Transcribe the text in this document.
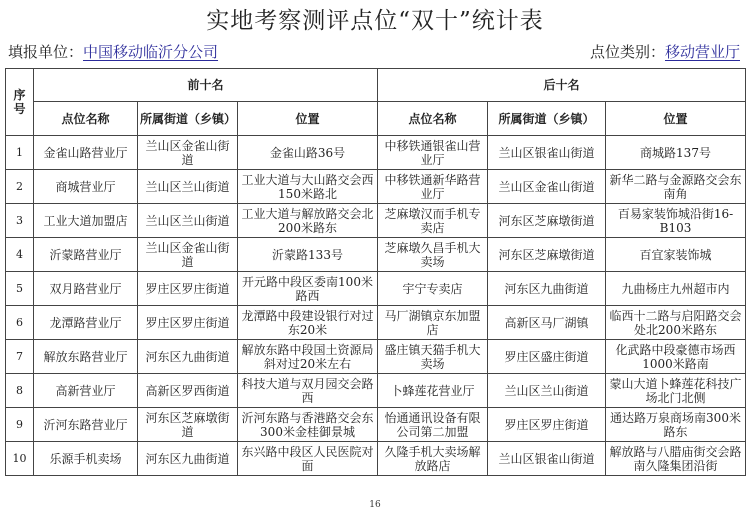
实地考察测评点位“双十”统计表
填报单位：中国移动临沂分公司	点位类别：移动营业厅
序号	前十名			后十名		
	点位名称	所属街道（乡镇）	位置	点位名称	所属街道（乡镇）	位置
1	金雀山路营业厅	兰山区金雀山街道	金雀山路36号	中移铁通银雀山营业厅	兰山区银雀山街道	商城路137号
2	商城营业厅	兰山区兰山街道	工业大道与大山路交会西150米路北	中移铁通新华路营业厅	兰山区金雀山街道	新华二路与金源路交会东南角
3	工业大道加盟店	兰山区兰山街道	工业大道与解放路交会北200米路东	芝麻墩汉而手机专卖店	河东区芝麻墩街道	百易家装饰城沿街16-B103
4	沂蒙路营业厅	兰山区金雀山街道	沂蒙路133号	芝麻墩久昌手机大卖场	河东区芝麻墩街道	百宜家装饰城
5	双月路营业厅	罗庄区罗庄街道	开元路中段区委南100米路西	宇宁专卖店	河东区九曲街道	九曲杨庄九州超市内
6	龙潭路营业厅	罗庄区罗庄街道	龙潭路中段建设银行对过东20米	马厂湖镇京东加盟店	高新区马厂湖镇	临西十二路与启阳路交会处北200米路东
7	解放东路营业厅	河东区九曲街道	解放东路中段国土资源局斜对过20米左右	盛庄镇天猫手机大卖场	罗庄区盛庄街道	化武路中段豪德市场西1000米路南
8	高新营业厅	高新区罗西街道	科技大道与双月园交会路西	卜蜂莲花营业厅	兰山区兰山街道	蒙山大道卜蜂莲花科技广场北门北侧
9	沂河东路营业厅	河东区芝麻墩街道	沂河东路与香港路交会东300米金桂御景城	怡通通讯设备有限公司第二加盟	罗庄区罗庄街道	通达路万泉商场南300米路东
10	乐源手机卖场	河东区九曲街道	东兴路中段区人民医院对面	久隆手机大卖场解放路店	兰山区银雀山街道	解放路与八腊庙街交会路南久隆集团沿街
16
